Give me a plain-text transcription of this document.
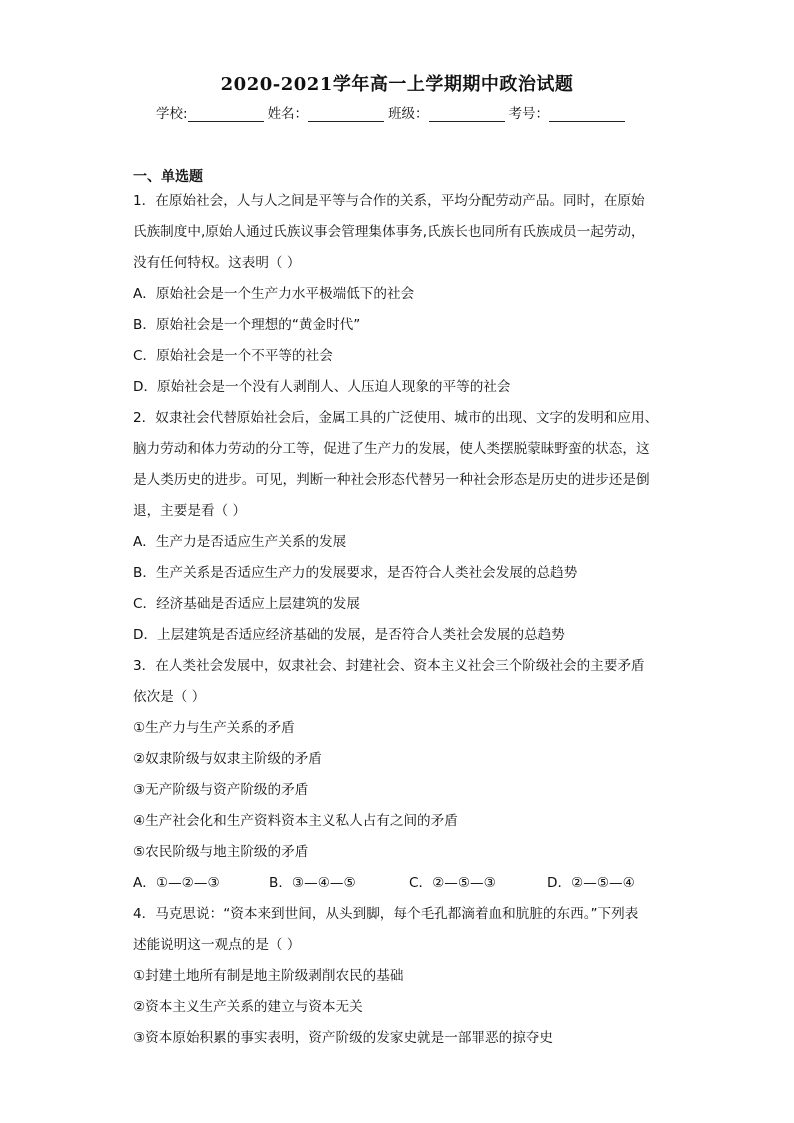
2020-2021学年高一上学期期中政治试题
学校:	姓名：	班级：	考号：
一、单选题
1．在原始社会，人与人之间是平等与合作的关系，平均分配劳动产品。同时，在原始
氏族制度中,原始人通过氏族议事会管理集体事务,氏族长也同所有氏族成员一起劳动，
没有任何特权。这表明（ ）
A．原始社会是一个生产力水平极端低下的社会
B．原始社会是一个理想的“黄金时代”
C．原始社会是一个不平等的社会
D．原始社会是一个没有人剥削人、人压迫人现象的平等的社会
2．奴隶社会代替原始社会后，金属工具的广泛使用、城市的出现、文字的发明和应用、
脑力劳动和体力劳动的分工等，促进了生产力的发展，使人类摆脱蒙昧野蛮的状态，这
是人类历史的进步。可见，判断一种社会形态代替另一种社会形态是历史的进步还是倒
退，主要是看（ ）
A．生产力是否适应生产关系的发展
B．生产关系是否适应生产力的发展要求，是否符合人类社会发展的总趋势
C．经济基础是否适应上层建筑的发展
D．上层建筑是否适应经济基础的发展，是否符合人类社会发展的总趋势
3．在人类社会发展中，奴隶社会、封建社会、资本主义社会三个阶级社会的主要矛盾
依次是（ ）
①生产力与生产关系的矛盾
②奴隶阶级与奴隶主阶级的矛盾
③无产阶级与资产阶级的矛盾
④生产社会化和生产资料资本主义私人占有之间的矛盾
⑤农民阶级与地主阶级的矛盾
A．①—②—③	B．③—④—⑤	C．②—⑤—③	D．②—⑤—④
4．马克思说：“资本来到世间，从头到脚，每个毛孔都滴着血和肮脏的东西。”下列表
述能说明这一观点的是（ ）
①封建土地所有制是地主阶级剥削农民的基础
②资本主义生产关系的建立与资本无关
③资本原始积累的事实表明，资产阶级的发家史就是一部罪恶的掠夺史
